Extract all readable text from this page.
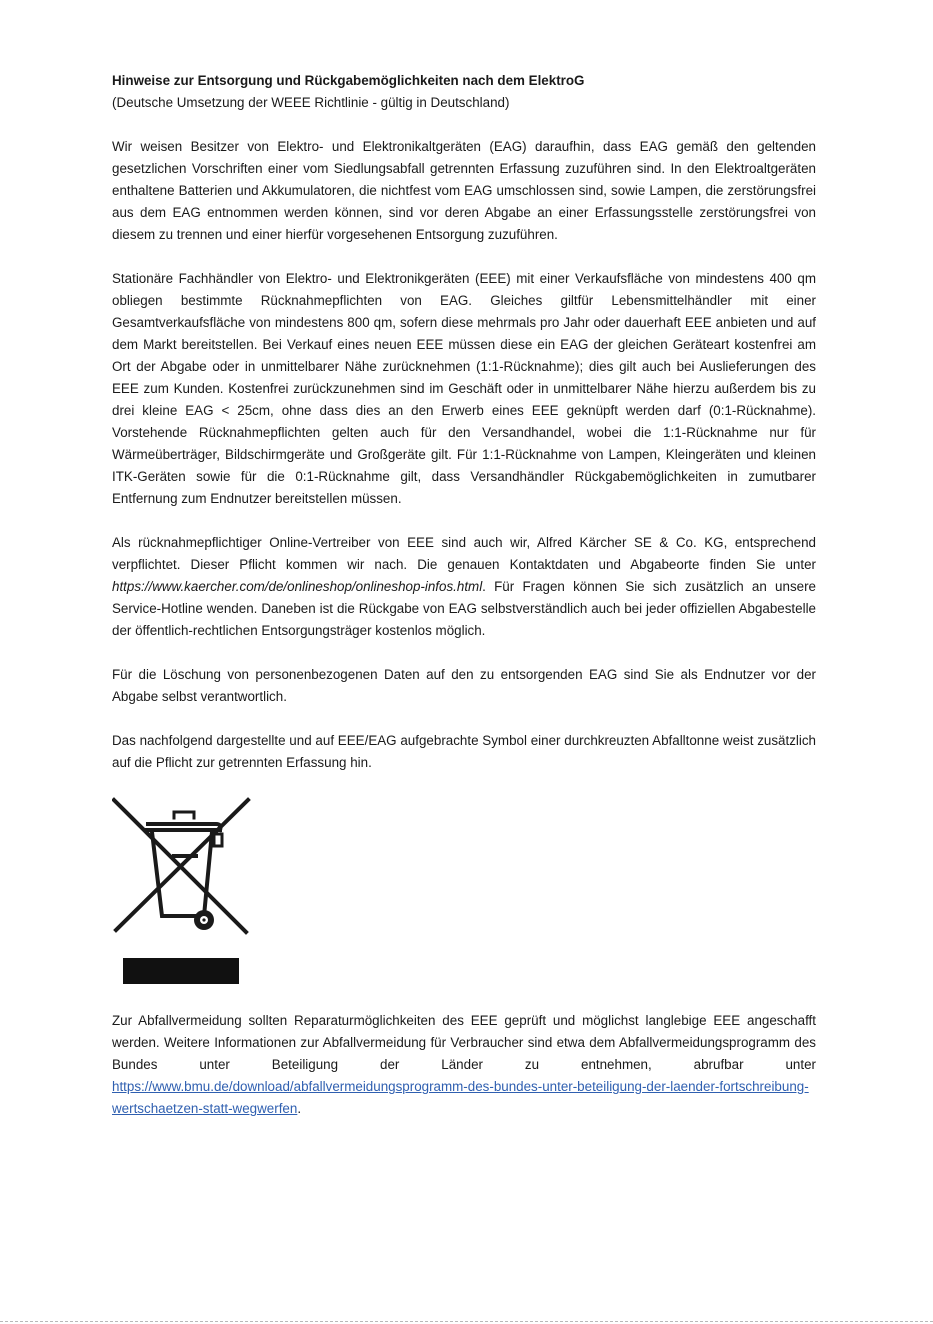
Hinweise zur Entsorgung und Rückgabemöglichkeiten nach dem ElektroG

(Deutsche Umsetzung der WEEE Richtlinie - gültig in Deutschland)

Wir weisen Besitzer von Elektro- und Elektronikaltgeräten (EAG) daraufhin, dass EAG gemäß den geltenden gesetzlichen Vorschriften einer vom Siedlungsabfall getrennten Erfassung zuzuführen sind. In den Elektroaltgeräten enthaltene Batterien und Akkumulatoren, die nichtfest vom EAG umschlossen sind, sowie Lampen, die zerstörungsfrei aus dem EAG entnommen werden können, sind vor deren Abgabe an einer Erfassungsstelle zerstörungsfrei von diesem zu trennen und einer hierfür vorgesehenen Entsorgung zuzuführen.

Stationäre Fachhändler von Elektro- und Elektronikgeräten (EEE) mit einer Verkaufsfläche von mindestens 400 qm obliegen bestimmte Rücknahmepflichten von EAG. Gleiches giltfür Lebensmittelhändler mit einer Gesamtverkaufsfläche von mindestens 800 qm, sofern diese mehrmals pro Jahr oder dauerhaft EEE anbieten und auf dem Markt bereitstellen. Bei Verkauf eines neuen EEE müssen diese ein EAG der gleichen Geräteart kostenfrei am Ort der Abgabe oder in unmittelbarer Nähe zurücknehmen (1:1-Rücknahme); dies gilt auch bei Auslieferungen des EEE zum Kunden. Kostenfrei zurückzunehmen sind im Geschäft oder in unmittelbarer Nähe hierzu außerdem bis zu drei kleine EAG < 25cm, ohne dass dies an den Erwerb eines EEE geknüpft werden darf (0:1-Rücknahme). Vorstehende Rücknahmepflichten gelten auch für den Versandhandel, wobei die 1:1-Rücknahme nur für Wärmeüberträger, Bildschirmgeräte und Großgeräte gilt. Für 1:1-Rücknahme von Lampen, Kleingeräten und kleinen ITK-Geräten sowie für die 0:1-Rücknahme gilt, dass Versandhändler Rückgabemöglichkeiten in zumutbarer Entfernung zum Endnutzer bereitstellen müssen.

Als rücknahmepflichtiger Online-Vertreiber von EEE sind auch wir, Alfred Kärcher SE & Co. KG, entsprechend verpflichtet. Dieser Pflicht kommen wir nach. Die genauen Kontaktdaten und Abgabeorte finden Sie unter https://www.kaercher.com/de/onlineshop/onlineshop-infos.html. Für Fragen können Sie sich zusätzlich an unsere Service-Hotline wenden. Daneben ist die Rückgabe von EAG selbstverständlich auch bei jeder offiziellen Abgabestelle der öffentlich-rechtlichen Entsorgungsträger kostenlos möglich.

Für die Löschung von personenbezogenen Daten auf den zu entsorgenden EAG sind Sie als Endnutzer vor der Abgabe selbst verantwortlich.

Das nachfolgend dargestellte und auf EEE/EAG aufgebrachte Symbol einer durchkreuzten Abfalltonne weist zusätzlich auf die Pflicht zur getrennten Erfassung hin.

Zur Abfallvermeidung sollten Reparaturmöglichkeiten des EEE geprüft und möglichst langlebige EEE angeschafft werden. Weitere Informationen zur Abfallvermeidung für Verbraucher sind etwa dem Abfallvermeidungsprogramm des Bundes unter Beteiligung der Länder zu entnehmen, abrufbar unter https://www.bmu.de/download/abfallvermeidungsprogramm-des-bundes-unter-beteiligung-der-laender-fortschreibung-wertschaetzen-statt-wegwerfen.
